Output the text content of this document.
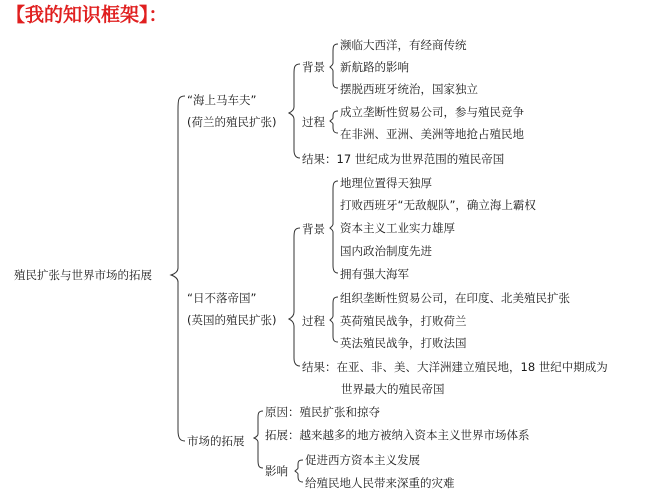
【我的知识框架】：
殖民扩张与世界市场的拓展
“海上马车夫”
(荷兰的殖民扩张)
背景
濒临大西洋，有经商传统
新航路的影响
摆脱西班牙统治，国家独立
过程
成立垄断性贸易公司，参与殖民竞争
在非洲、亚洲、美洲等地抢占殖民地
结果：17 世纪成为世界范围的殖民帝国
“日不落帝国”
(英国的殖民扩张)
背景
地理位置得天独厚
打败西班牙“无敌舰队”，确立海上霸权
资本主义工业实力雄厚
国内政治制度先进
拥有强大海军
过程
组织垄断性贸易公司，在印度、北美殖民扩张
英荷殖民战争，打败荷兰
英法殖民战争，打败法国
结果：在亚、非、美、大洋洲建立殖民地，18 世纪中期成为
世界最大的殖民帝国
市场的拓展
原因：殖民扩张和掠夺
拓展：越来越多的地方被纳入资本主义世界市场体系
影响
促进西方资本主义发展
给殖民地人民带来深重的灾难
